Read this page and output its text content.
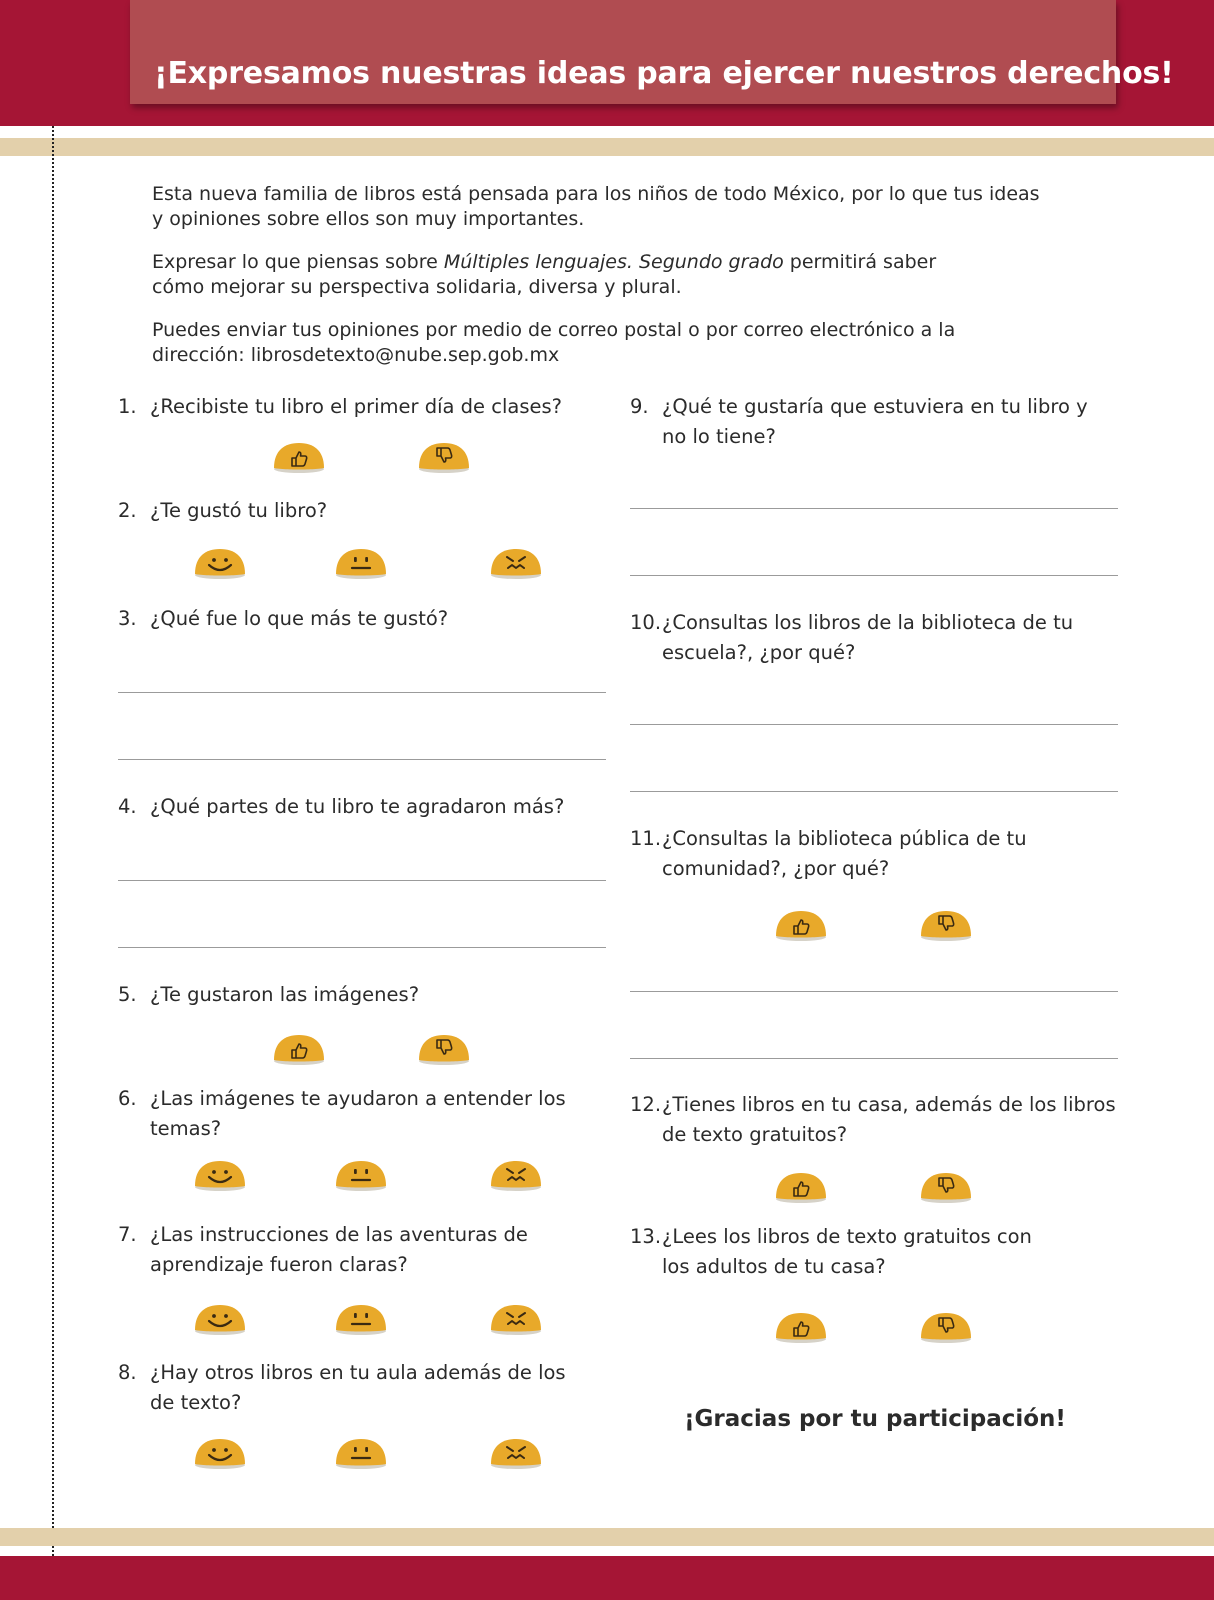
¡Expresamos nuestras ideas para ejercer nuestros derechos!

Esta nueva familia de libros está pensada para los niños de todo México, por lo que tus ideas y opiniones sobre ellos son muy importantes.

Expresar lo que piensas sobre Múltiples lenguajes. Segundo grado permitirá saber cómo mejorar su perspectiva solidaria, diversa y plural.

Puedes enviar tus opiniones por medio de correo postal o por correo electrónico a la dirección: librosdetexto@nube.sep.gob.mx

1. ¿Recibiste tu libro el primer día de clases?
2. ¿Te gustó tu libro?
3. ¿Qué fue lo que más te gustó?
4. ¿Qué partes de tu libro te agradaron más?
5. ¿Te gustaron las imágenes?
6. ¿Las imágenes te ayudaron a entender los temas?
7. ¿Las instrucciones de las aventuras de aprendizaje fueron claras?
8. ¿Hay otros libros en tu aula además de los de texto?
9. ¿Qué te gustaría que estuviera en tu libro y no lo tiene?
10. ¿Consultas los libros de la biblioteca de tu escuela?, ¿por qué?
11. ¿Consultas la biblioteca pública de tu comunidad?, ¿por qué?
12. ¿Tienes libros en tu casa, además de los libros de texto gratuitos?
13. ¿Lees los libros de texto gratuitos con los adultos de tu casa?
¡Gracias por tu participación!
